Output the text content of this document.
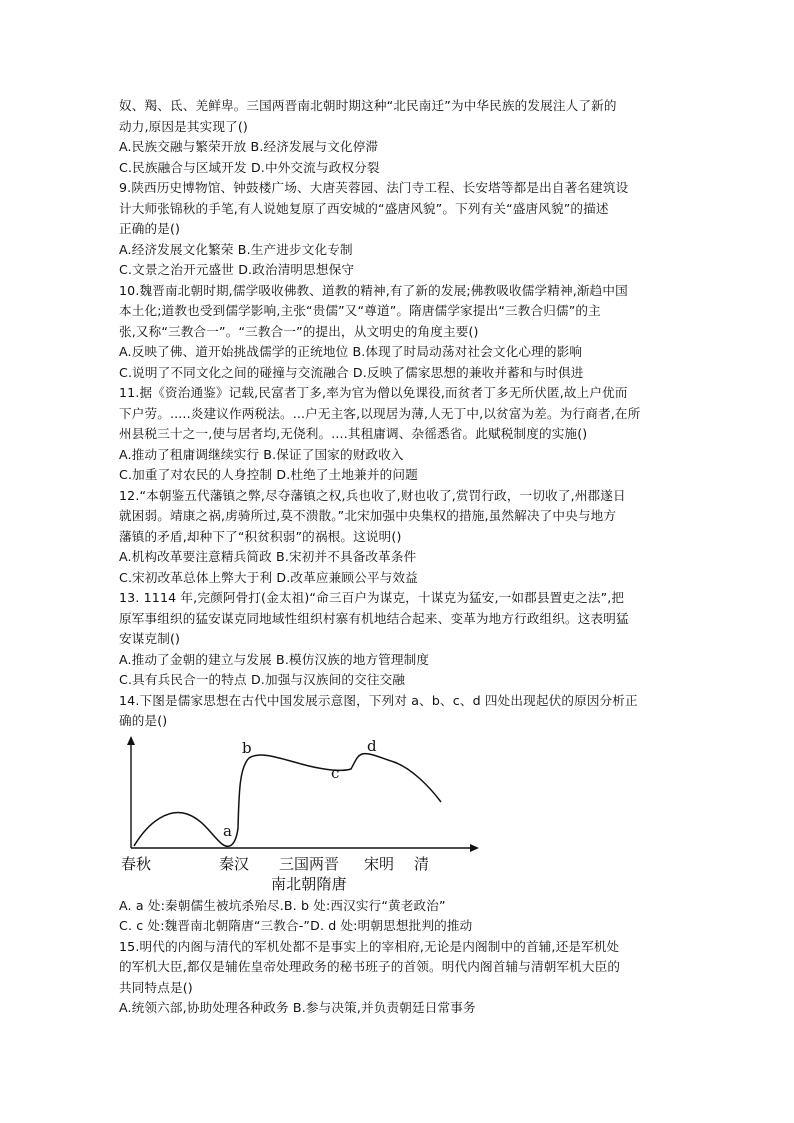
奴、羯、氐、羌鲜卑。三国两晋南北朝时期这种“北民南迁”为中华民族的发展注人了新的
动力,原因是其实现了()
A.民族交融与繁荣开放 B.经济发展与文化停滞
C.民族融合与区域开发 D.中外交流与政权分裂
9.陕西历史博物馆、钟鼓楼广场、大唐芙蓉园、法门寺工程、长安塔等都是出自著名建筑设
计大师张锦秋的手笔,有人说她复原了西安城的“盛唐风貌”。下列有关“盛唐风貌”的描述
正确的是()
A.经济发展文化繁荣 B.生产进步文化专制
C.文景之治开元盛世 D.政治清明思想保守
10.魏晋南北朝时期,儒学吸收佛教、道教的精神,有了新的发展;佛教吸收儒学精神,渐趋中国
本土化;道教也受到儒学影响,主张“贵儒”又“尊道”。隋唐儒学家提出“三教合归儒”的主
张,又称“三教合一”。“三教合一”的提出，从文明史的角度主要()
A.反映了佛、道开始挑战儒学的正统地位 B.体现了时局动荡对社会文化心理的影响
C.说明了不同文化之间的碰撞与交流融合 D.反映了儒家思想的兼收并蓄和与时俱进
11.据《资治通鉴》记载,民富者丁多,率为官为僧以免课役,而贫者丁多无所伏匿,故上户优而
下户劳。.....炎建议作两税法。...户无主客,以现居为薄,人无丁中,以贫富为差。为行商者,在所
州县税三十之一,使与居者均,无侥利。....其租庸调、杂徭悉省。此赋税制度的实施()
A.推动了租庸调继续实行 B.保证了国家的财政收入
C.加重了对农民的人身控制 D.杜绝了土地兼并的问题
12.“本朝鉴五代藩镇之弊,尽夺藩镇之权,兵也收了,财也收了,赏罚行政，一切收了,州郡遂日
就困弱。靖康之祸,虏骑所过,莫不溃散。”北宋加强中央集权的措施,虽然解决了中央与地方
藩镇的矛盾,却种下了“积贫积弱”的祸根。这说明()
A.机构改革要注意精兵简政 B.宋初并不具备改革条件
C.宋初改革总体上弊大于利 D.改革应兼顾公平与效益
13. 1114 年,完颜阿骨打(金太祖)“命三百户为谋克，十谋克为猛安,一如郡县置吏之法”,把
原军事组织的猛安谋克同地域性组织村寨有机地结合起来、变革为地方行政组织。这表明猛
安谋克制()
A.推动了金朝的建立与发展 B.模仿汉族的地方管理制度
C.具有兵民合一的特点 D.加强与汉族间的交往交融
14.下图是儒家思想在古代中国发展示意图，下列对 a、b、c、d 四处出现起伏的原因分析正
确的是()
a
b
c
d
春秋	秦汉 三国两晋 宋明 清
南北朝隋唐
A. a 处:秦朝儒生被坑杀殆尽.B. b 处:西汉实行“黄老政治”
C. c 处:魏晋南北朝隋唐“三教合-”D. d 处:明朝思想批判的推动
15.明代的内阁与清代的军机处都不是事实上的宰相府,无论是内阁制中的首辅,还是军机处
的军机大臣,都仅是辅佐皇帝处理政务的秘书班子的首领。明代内阁首辅与清朝军机大臣的
共同特点是()
A.统领六部,协助处理各种政务 B.参与决策,并负责朝廷日常事务
